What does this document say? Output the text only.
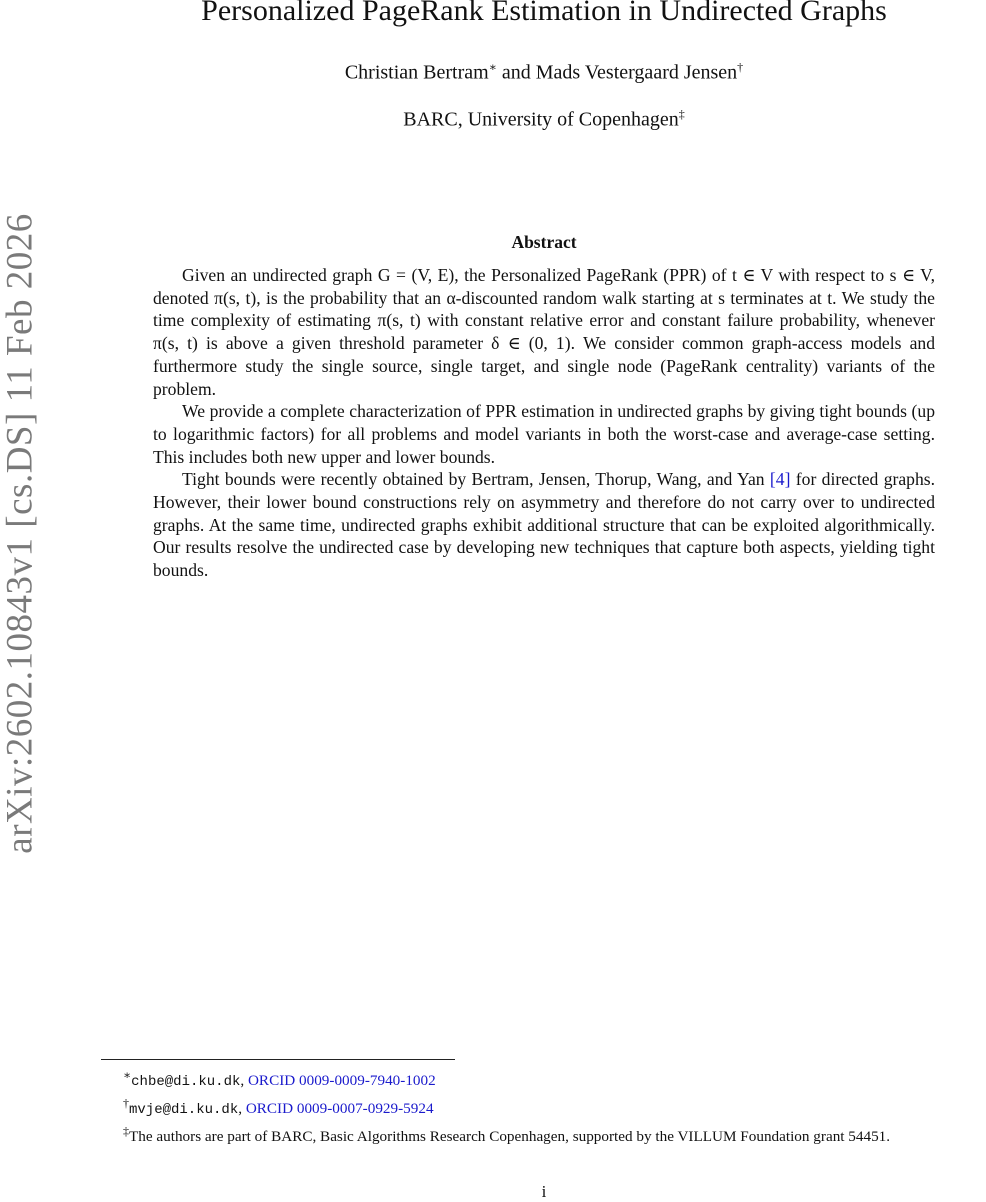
arXiv:2602.10843v1 [cs.DS] 11 Feb 2026
Personalized PageRank Estimation in Undirected Graphs
Christian Bertram∗ and Mads Vestergaard Jensen†
BARC, University of Copenhagen‡
Abstract

Given an undirected graph G = (V, E), the Personalized PageRank (PPR) of t ∈ V with respect to s ∈ V, denoted π(s, t), is the probability that an α-discounted random walk starting at s terminates at t. We study the time complexity of estimating π(s, t) with constant relative error and constant failure probability, whenever π(s, t) is above a given threshold parameter δ ∈ (0, 1). We consider common graph-access models and furthermore study the single source, single target, and single node (PageRank centrality) variants of the problem.

We provide a complete characterization of PPR estimation in undirected graphs by giving tight bounds (up to logarithmic factors) for all problems and model variants in both the worst-case and average-case setting. This includes both new upper and lower bounds.

Tight bounds were recently obtained by Bertram, Jensen, Thorup, Wang, and Yan [4] for directed graphs. However, their lower bound constructions rely on asymmetry and therefore do not carry over to undirected graphs. At the same time, undirected graphs exhibit additional structure that can be exploited algorithmically. Our results resolve the undirected case by developing new techniques that capture both aspects, yielding tight bounds.

∗chbe@di.ku.dk, ORCID 0009-0009-7940-1002
†mvje@di.ku.dk, ORCID 0009-0007-0929-5924
‡The authors are part of BARC, Basic Algorithms Research Copenhagen, supported by the VILLUM Foundation grant 54451.
i
